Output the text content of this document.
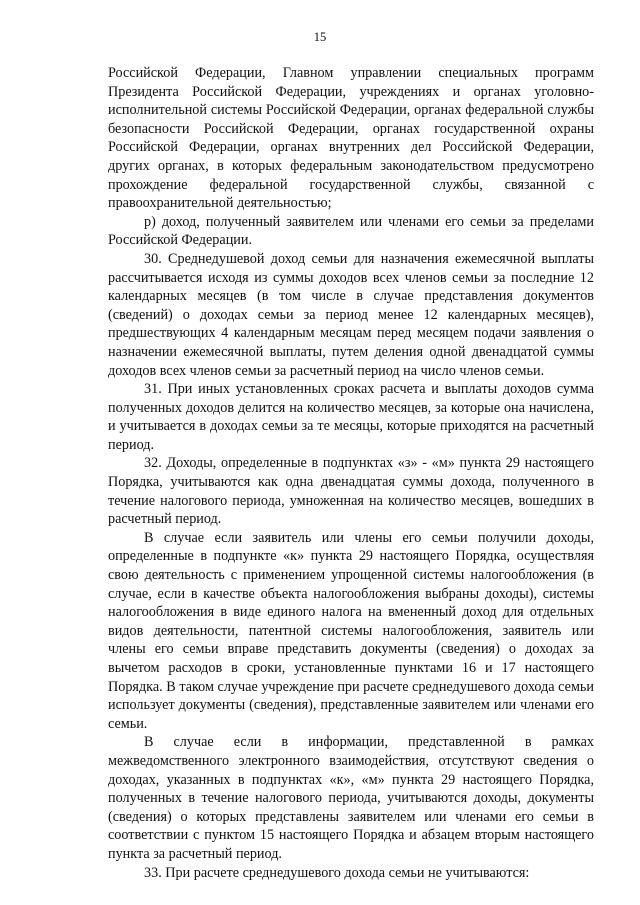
15

Российской Федерации, Главном управлении специальных программ Президента Российской Федерации, учреждениях и органах уголовно-исполнительной системы Российской Федерации, органах федеральной службы безопасности Российской Федерации, органах государственной охраны Российской Федерации, органах внутренних дел Российской Федерации, других органах, в которых федеральным законодательством предусмотрено прохождение федеральной государственной службы, связанной с правоохранительной деятельностью;

р) доход, полученный заявителем или членами его семьи за пределами Российской Федерации.

30. Среднедушевой доход семьи для назначения ежемесячной выплаты рассчитывается исходя из суммы доходов всех членов семьи за последние 12 календарных месяцев (в том числе в случае представления документов (сведений) о доходах семьи за период менее 12 календарных месяцев), предшествующих 4 календарным месяцам перед месяцем подачи заявления о назначении ежемесячной выплаты, путем деления одной двенадцатой суммы доходов всех членов семьи за расчетный период на число членов семьи.

31. При иных установленных сроках расчета и выплаты доходов сумма полученных доходов делится на количество месяцев, за которые она начислена, и учитывается в доходах семьи за те месяцы, которые приходятся на расчетный период.

32. Доходы, определенные в подпунктах «з» - «м» пункта 29 настоящего Порядка, учитываются как одна двенадцатая суммы дохода, полученного в течение налогового периода, умноженная на количество месяцев, вошедших в расчетный период.

В случае если заявитель или члены его семьи получили доходы, определенные в подпункте «к» пункта 29 настоящего Порядка, осуществляя свою деятельность с применением упрощенной системы налогообложения (в случае, если в качестве объекта налогообложения выбраны доходы), системы налогообложения в виде единого налога на вмененный доход для отдельных видов деятельности, патентной системы налогообложения, заявитель или члены его семьи вправе представить документы (сведения) о доходах за вычетом расходов в сроки, установленные пунктами 16 и 17 настоящего Порядка. В таком случае учреждение при расчете среднедушевого дохода семьи использует документы (сведения), представленные заявителем или членами его семьи.

В случае если в информации, представленной в рамках межведомственного электронного взаимодействия, отсутствуют сведения о доходах, указанных в подпунктах «к», «м» пункта 29 настоящего Порядка, полученных в течение налогового периода, учитываются доходы, документы (сведения) о которых представлены заявителем или членами его семьи в соответствии с пунктом 15 настоящего Порядка и абзацем вторым настоящего пункта за расчетный период.

33. При расчете среднедушевого дохода семьи не учитываются:
